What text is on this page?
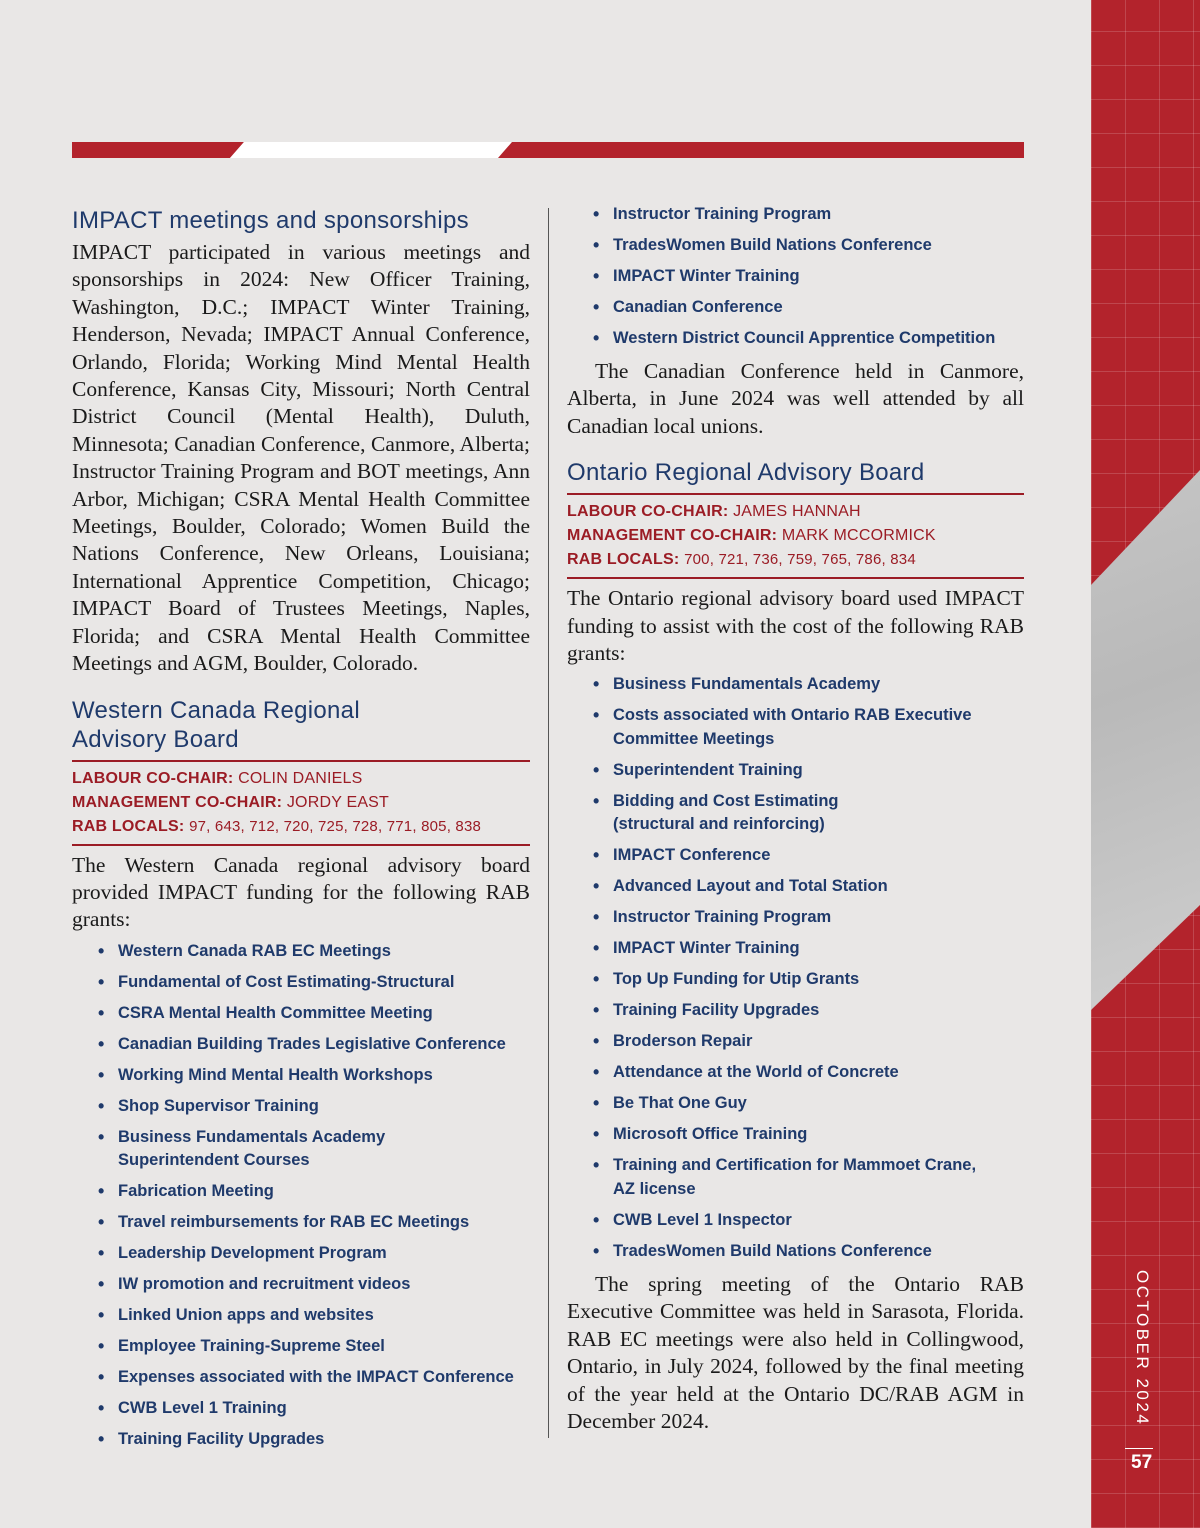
OCTOBER 2024
57
IMPACT meetings and sponsorships

IMPACT participated in various meetings and sponsorships in 2024: New Officer Training, Washington, D.C.; IMPACT Winter Training, Henderson, Nevada; IMPACT Annual Conference, Orlando, Florida; Working Mind Mental Health Conference, Kansas City, Missouri; North Central District Council (Mental Health), Duluth, Minnesota; Canadian Conference, Canmore, Alberta; Instructor Training Program and BOT meetings, Ann Arbor, Michigan; CSRA Mental Health Committee Meetings, Boulder, Colorado; Women Build the Nations Conference, New Orleans, Louisiana; International Apprentice Competition, Chicago; IMPACT Board of Trustees Meetings, Naples, Florida; and CSRA Mental Health Committee Meetings and AGM, Boulder, Colorado.

Western Canada Regional
Advisory Board
LABOUR CO-CHAIR: COLIN DANIELS
MANAGEMENT CO-CHAIR: JORDY EAST
RAB LOCALS: 97, 643, 712, 720, 725, 728, 771, 805, 838

The Western Canada regional advisory board provided IMPACT funding for the following RAB grants:

• Western Canada RAB EC Meetings
• Fundamental of Cost Estimating-Structural
• CSRA Mental Health Committee Meeting
• Canadian Building Trades Legislative Conference
• Working Mind Mental Health Workshops
• Shop Supervisor Training
• Business Fundamentals Academy Superintendent Courses
• Fabrication Meeting
• Travel reimbursements for RAB EC Meetings
• Leadership Development Program
• IW promotion and recruitment videos
• Linked Union apps and websites
• Employee Training-Supreme Steel
• Expenses associated with the IMPACT Conference
• CWB Level 1 Training
• Training Facility Upgrades
• Instructor Training Program
• TradesWomen Build Nations Conference
• IMPACT Winter Training
• Canadian Conference
• Western District Council Apprentice Competition

The Canadian Conference held in Canmore, Alberta, in June 2024 was well attended by all Canadian local unions.

Ontario Regional Advisory Board
LABOUR CO-CHAIR: JAMES HANNAH
MANAGEMENT CO-CHAIR: MARK MCCORMICK
RAB LOCALS: 700, 721, 736, 759, 765, 786, 834

The Ontario regional advisory board used IMPACT funding to assist with the cost of the following RAB grants:

• Business Fundamentals Academy
• Costs associated with Ontario RAB Executive Committee Meetings
• Superintendent Training
• Bidding and Cost Estimating (structural and reinforcing)
• IMPACT Conference
• Advanced Layout and Total Station
• Instructor Training Program
• IMPACT Winter Training
• Top Up Funding for Utip Grants
• Training Facility Upgrades
• Broderson Repair
• Attendance at the World of Concrete
• Be That One Guy
• Microsoft Office Training
• Training and Certification for Mammoet Crane, AZ license
• CWB Level 1 Inspector
• TradesWomen Build Nations Conference

The spring meeting of the Ontario RAB Executive Committee was held in Sarasota, Florida. RAB EC meetings were also held in Collingwood, Ontario, in July 2024, followed by the final meeting of the year held at the Ontario DC/RAB AGM in December 2024.
